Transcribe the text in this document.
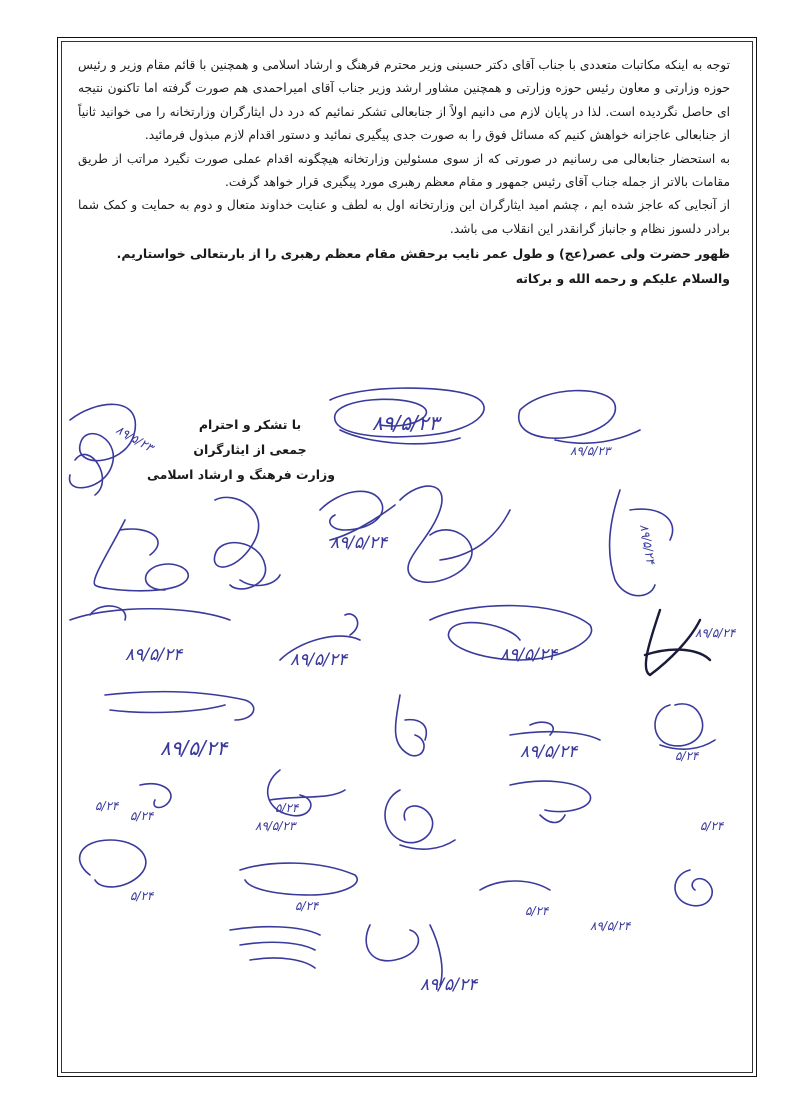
توجه به اینکه مکاتبات متعددی با جناب آقای دکتر حسینی وزیر محترم فرهنگ و ارشاد اسلامی و همچنین با قائم مقام وزیر و رئیس حوزه وزارتی و معاون رئیس حوزه وزارتی و همچنین مشاور ارشد وزیر جناب آقای امیراحمدی هم صورت گرفته اما تاکنون نتیجه ای حاصل نگردیده است. لذا در پایان لازم می دانیم اولاً از جنابعالی تشکر نمائیم که درد دل ایثارگران وزارتخانه را می خوانید ثانیاً از جنابعالی عاجزانه خواهش کنیم که مسائل فوق را به صورت جدی پیگیری نمائید و دستور اقدام لازم مبذول فرمائید.

به استحضار جنابعالی می رسانیم در صورتی که از سوی مسئولین وزارتخانه هیچگونه اقدام عملی صورت نگیرد مراتب از طریق مقامات بالاتر از جمله جناب آقای رئیس جمهور و مقام معظم رهبری مورد پیگیری قرار خواهد گرفت.

از آنجایی که عاجز شده ایم ، چشم امید ایثارگران این وزارتخانه اول به لطف و عنایت خداوند متعال و دوم به حمایت و کمک شما برادر دلسوز نظام و جانباز گرانقدر این انقلاب می باشد.

ظهور حضرت ولی عصر(عج) و طول عمر نایب برحقش مقام معظم رهبری را از بارىتعالی خواستاریم.

والسلام علیکم و رحمه الله و برکاته

با تشکر و احترام
جمعی از ایثارگران
وزارت فرهنگ و ارشاد اسلامی
۸۹/۵/۲۳	۸۹/۵/۲۳
۸۹/۵/۲۳
۸۹/۵/۲۴	۸۹/۵/۲۴
۸۹/۵/۲۴	۸۹/۵/۲۴	۸۹/۵/۲۴
۸۹/۵/۲۴
۸۹/۵/۲۴	۸۹/۵/۲۴	۵/۲۴
۵/۲۴	۵/۲۴
۵/۲۴
۵/۲۴
۵/۲۴	۵/۲۴
۸۹/۵/۲۴
۸۹/۵/۲۳
۸۹/۵/۲۴
۵/۲۴
